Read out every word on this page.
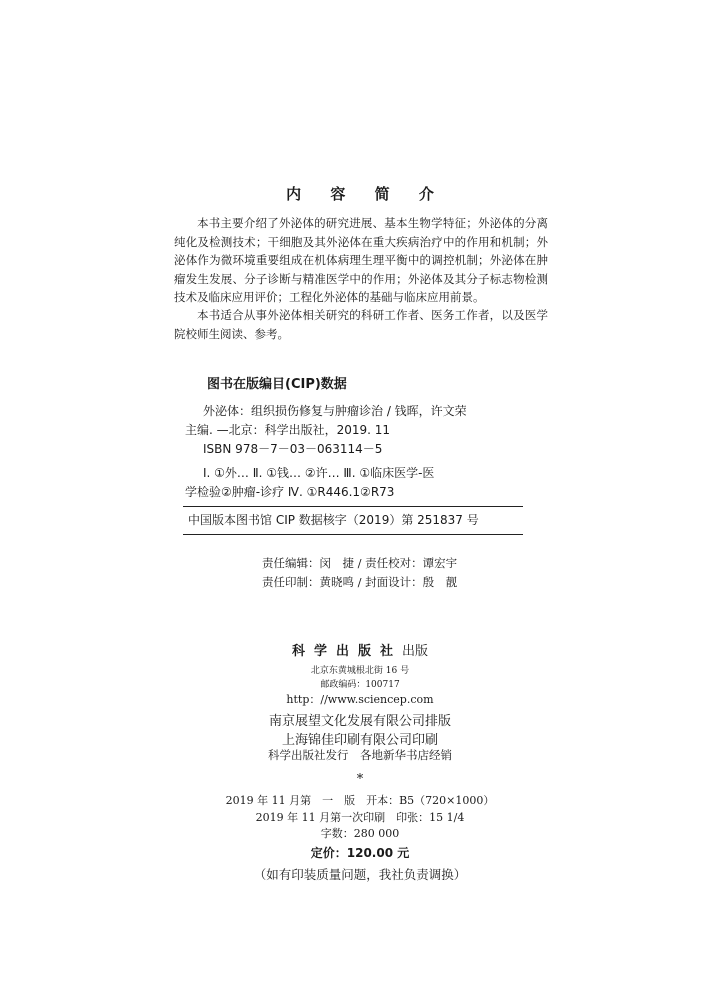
内 容 简 介

本书主要介绍了外泌体的研究进展、基本生物学特征；外泌体的分离纯化及检测技术；干细胞及其外泌体在重大疾病治疗中的作用和机制；外泌体作为微环境重要组成在机体病理生理平衡中的调控机制；外泌体在肿瘤发生发展、分子诊断与精准医学中的作用；外泌体及其分子标志物检测技术及临床应用评价；工程化外泌体的基础与临床应用前景。

本书适合从事外泌体相关研究的科研工作者、医务工作者，以及医学院校师生阅读、参考。

图书在版编目(CIP)数据
外泌体：组织损伤修复与肿瘤诊治 / 钱晖，许文荣
主编. —北京：科学出版社，2019. 11
ISBN 978－7－03－063114－5
Ⅰ. ①外… Ⅱ. ①钱… ②许… Ⅲ. ①临床医学-医
学检验②肿瘤-诊疗 Ⅳ. ①R446.1②R73
中国版本图书馆 CIP 数据核字（2019）第 251837 号
责任编辑：闵　捷 / 责任校对：谭宏宇
责任印制：黄晓鸣 / 封面设计：殷　靓
科学出版社出版
北京东黄城根北街 16 号
邮政编码：100717
http：//www.sciencep.com
南京展望文化发展有限公司排版
上海锦佳印刷有限公司印刷
科学出版社发行　各地新华书店经销
*
2019 年 11 月第　一　版　开本：B5（720×1000）
2019 年 11 月第一次印刷　印张：15 1/4
字数：280 000
定价：120.00 元
（如有印装质量问题，我社负责调换）
